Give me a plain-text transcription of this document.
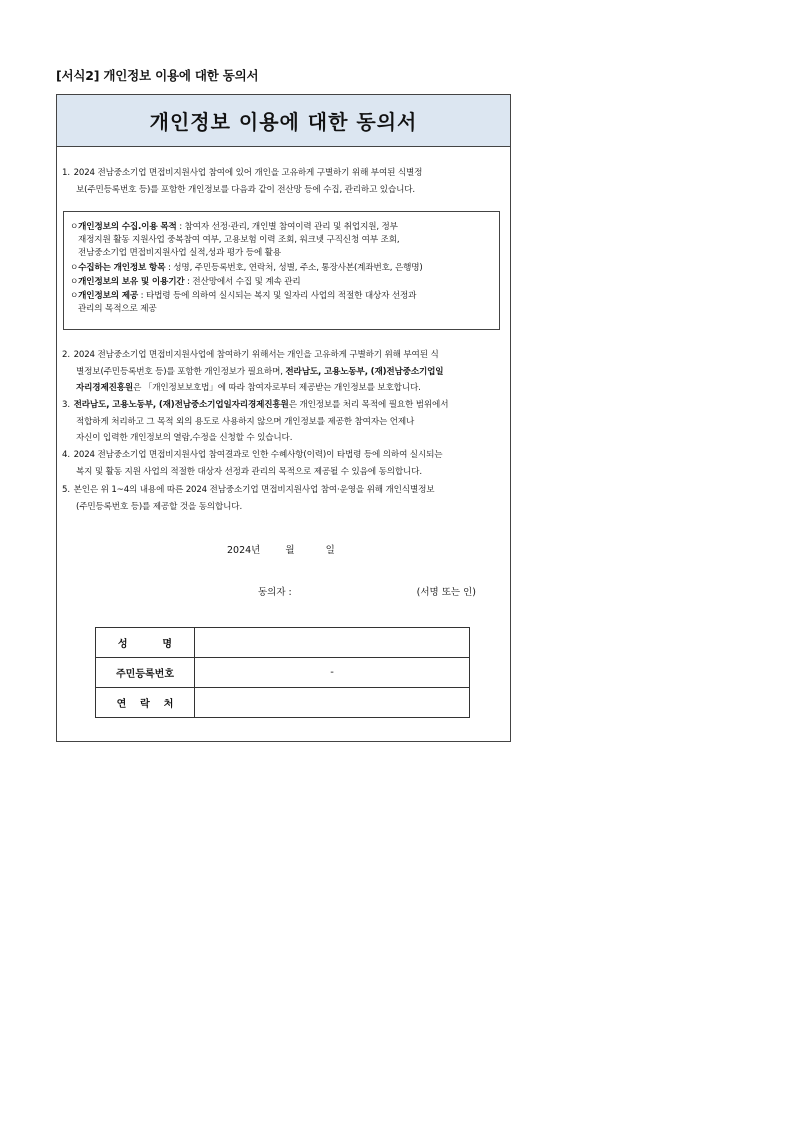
[서식2] 개인정보 이용에 대한 동의서
개인정보 이용에 대한 동의서
1. 2024 전남중소기업 면접비지원사업 참여에 있어 개인을 고유하게 구별하기 위해 부여된 식별정
보(주민등록번호 등)를 포함한 개인정보를 다음과 같이 전산망 등에 수집, 관리하고 있습니다.
ㅇ개인정보의 수집.이용 목적 : 참여자 선정·관리, 개인별 참여이력 관리 및 취업지원, 정부
재정지원 활동 지원사업 중복참여 여부, 고용보험 이력 조회, 워크넷 구직신청 여부 조회,
전남중소기업 면접비지원사업 실적,성과 평가 등에 활용
ㅇ수집하는 개인정보 항목 : 성명, 주민등록번호, 연락처, 성별, 주소, 통장사본(계좌번호, 은행명)
ㅇ개인정보의 보유 및 이용기간 : 전산망에서 수집 및 계속 관리
ㅇ개인정보의 제공 : 타법령 등에 의하여 실시되는 복지 및 일자리 사업의 적절한 대상자 선정과
관리의 목적으로 제공
2. 2024 전남중소기업 면접비지원사업에 참여하기 위해서는 개인을 고유하게 구별하기 위해 부여된 식
별정보(주민등록번호 등)를 포함한 개인정보가 필요하며, 전라남도, 고용노동부, (재)전남중소기업일
자리경제진흥원은 「개인정보보호법」에 따라 참여자로부터 제공받는 개인정보를 보호합니다.
3. 전라남도, 고용노동부, (재)전남중소기업일자리경제진흥원은 개인정보를 처리 목적에 필요한 범위에서
적합하게 처리하고 그 목적 외의 용도로 사용하지 않으며 개인정보를 제공한 참여자는 언제나
자신이 입력한 개인정보의 열람,수정을 신청할 수 있습니다.
4. 2024 전남중소기업 면접비지원사업 참여결과로 인한 수혜사항(이력)이 타법령 등에 의하여 실시되는
복지 및 활동 지원 사업의 적절한 대상자 선정과 관리의 목적으로 제공될 수 있음에 동의합니다.
5. 본인은 위 1~4의 내용에 따른 2024 전남중소기업 면접비지원사업 참여·운영을 위해 개인식별정보
(주민등록번호 등)를 제공할 것을 동의합니다.
2024년	월	일
동의자 :	(서명 또는 인)
성          명	
주민등록번호	-
연    락    처	
